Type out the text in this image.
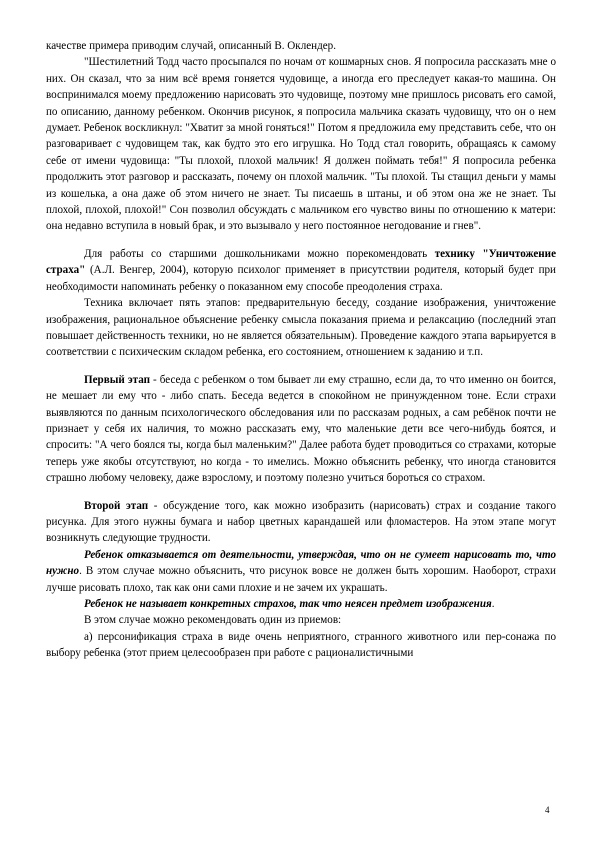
качестве примера приводим случай, описанный В. Оклендер.

"Шестилетний Тодд часто просыпался по ночам от кошмарных снов. Я попросила рассказать мне о них. Он сказал, что за ним всё время гоняется чудовище, а иногда его преследует какая-то машина. Он воспринимался моему предложению нарисовать это чудовище, поэтому мне пришлось рисовать его самой, по описанию, данному ребенком. Окончив рисунок, я попросила мальчика сказать чудовищу, что он о нем думает. Ребенок воскликнул: "Хватит за мной гоняться!" Потом я предложила ему представить себе, что он разговаривает с чудовищем так, как будто это его игрушка. Но Тодд стал говорить, обращаясь к самому себе от имени чудовища: "Ты плохой, плохой мальчик! Я должен поймать тебя!" Я попросила ребенка продолжить этот разговор и рассказать, почему он плохой мальчик. "Ты плохой. Ты стащил деньги у мамы из кошелька, а она даже об этом ничего не знает. Ты писаешь в штаны, и об этом она же не знает. Ты плохой, плохой, плохой!" Сон позволил обсуждать с мальчиком его чувство вины по отношению к матери: она недавно вступила в новый брак, и это вызывало у него постоянное негодование и гнев".

Для работы со старшими дошкольниками можно порекомендовать технику "Уничтожение страха" (А.Л. Венгер, 2004), которую психолог применяет в присутствии родителя, который будет при необходимости напоминать ребенку о показанном ему способе преодоления страха.

Техника включает пять этапов: предварительную беседу, создание изображения, уничтожение изображения, рациональное объяснение ребенку смысла показания приема и релаксацию (последний этап повышает действенность техники, но не является обязательным). Проведение каждого этапа варьируется в соответствии с психическим складом ребенка, его состоянием, отношением к заданию и т.п.

Первый этап - беседа с ребенком о том бывает ли ему страшно, если да, то что именно он боится, не мешает ли ему что - либо спать. Беседа ведется в спокойном не принужденном тоне. Если страхи выявляются по данным психологического обследования или по рассказам родных, а сам ребёнок почти не признает у себя их наличия, то можно рассказать ему, что маленькие дети все чего-нибудь боятся, и спросить: "А чего боялся ты, когда был маленьким?" Далее работа будет проводиться со страхами, которые теперь уже якобы отсутствуют, но когда - то имелись. Можно объяснить ребенку, что иногда становится страшно любому человеку, даже взрослому, и поэтому полезно учиться бороться со страхом.

Второй этап - обсуждение того, как можно изобразить (нарисовать) страх и создание такого рисунка. Для этого нужны бумага и набор цветных карандашей или фломастеров. На этом этапе могут возникнуть следующие трудности.

Ребенок отказывается от деятельности, утверждая, что он не сумеет нарисовать то, что нужно. В этом случае можно объяснить, что рисунок вовсе не должен быть хорошим. Наоборот, страхи лучше рисовать плохо, так как они сами плохие и не зачем их украшать.

Ребенок не называет конкретных страхов, так что неясен предмет изображения.

В этом случае можно рекомендовать один из приемов:

а) персонификация страха в виде очень неприятного, странного животного или пер-сонажа по выбору ребенка (этот прием целесообразен при работе с рационалистичными

4
